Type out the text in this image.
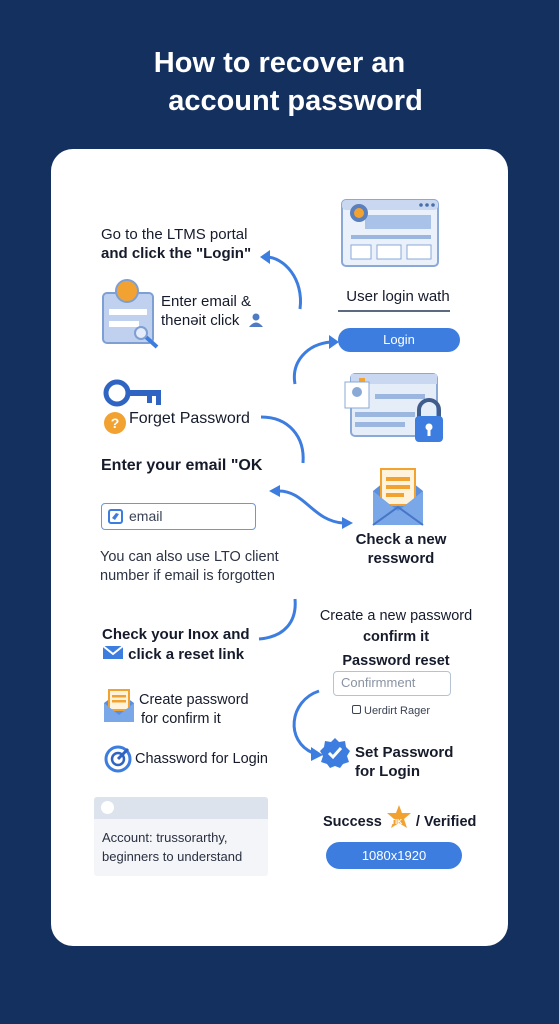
How to recover an
account password
Go to the LTMS portal
and click the "Login"
Enter email &
thenǝit click
User login wath
Login
? Forget Password
Enter your email "OK
email
Check a new
ressword
You can also use LTO client
number if email is forgotten
Create a new password
confirm it
Password reset
Check your Inox and
click a reset link
Confirmment
Uerdirt Rager
Create password
for confirm it
Set Password
for Login
Chassword for Login
Account: trussorarthy,
beginners to understand
Success TIK / Verified
1080x1920
